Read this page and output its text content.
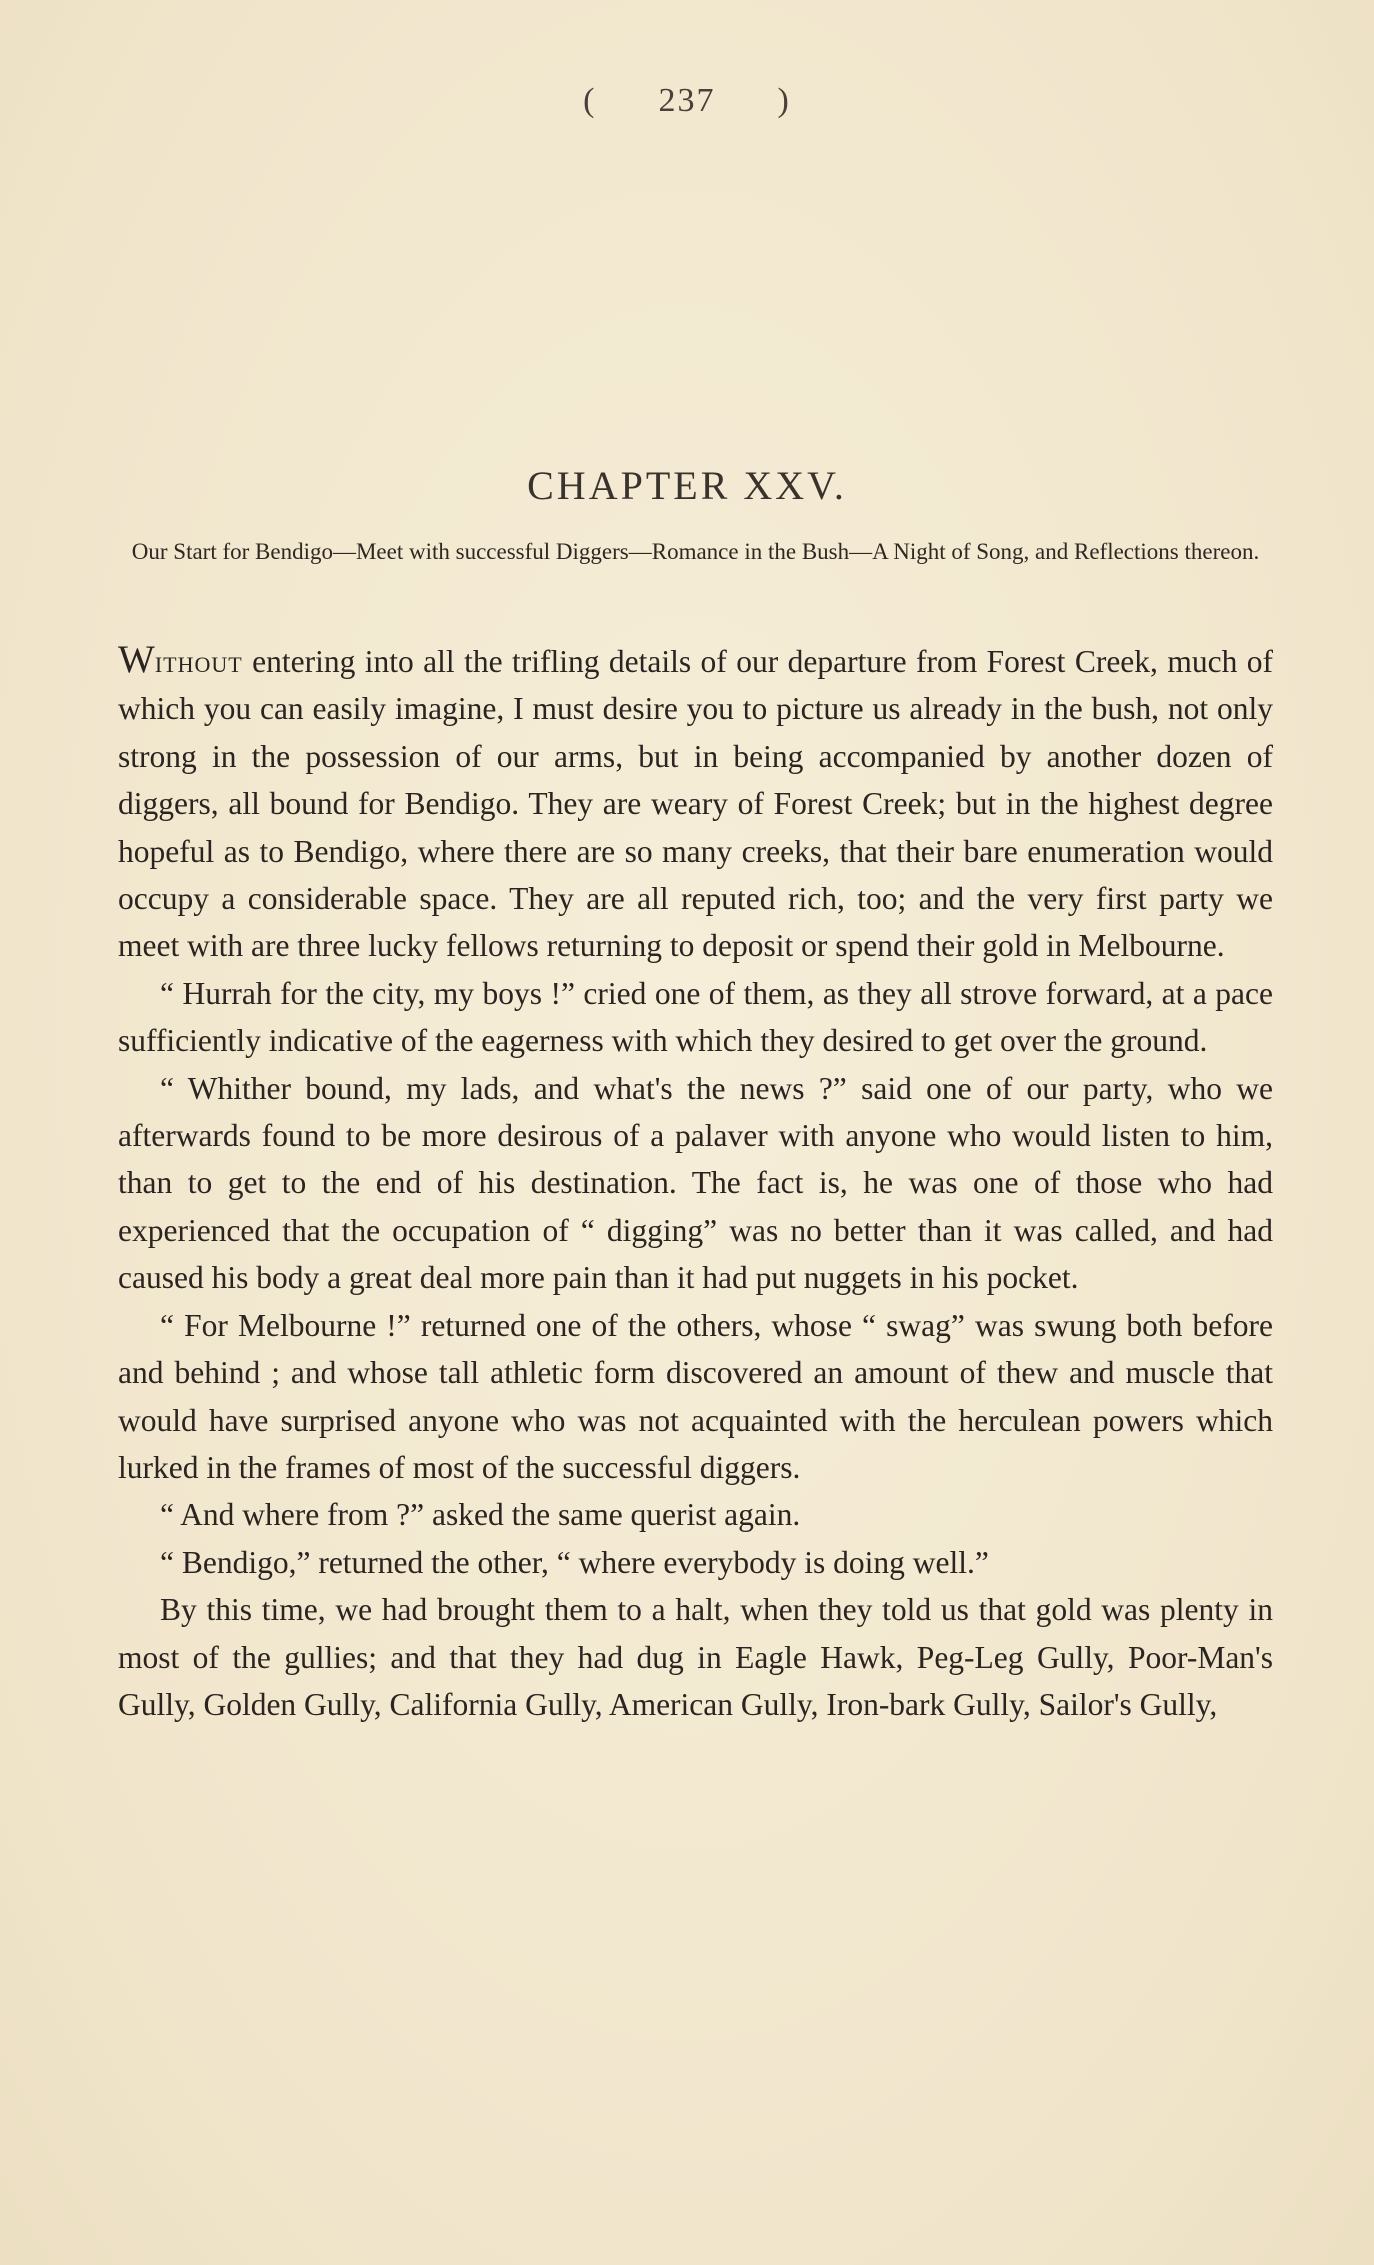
( 237 )
CHAPTER XXV.
Our Start for Bendigo—Meet with successful Diggers—Romance in the Bush—A Night of Song, and Reflections thereon.

Without entering into all the trifling details of our departure from Forest Creek, much of which you can easily imagine, I must desire you to picture us already in the bush, not only strong in the possession of our arms, but in being accompanied by another dozen of diggers, all bound for Bendigo. They are weary of Forest Creek; but in the highest degree hopeful as to Bendigo, where there are so many creeks, that their bare enumeration would occupy a considerable space. They are all reputed rich, too; and the very first party we meet with are three lucky fellows returning to deposit or spend their gold in Melbourne.

“ Hurrah for the city, my boys !” cried one of them, as they all strove forward, at a pace sufficiently indicative of the eagerness with which they desired to get over the ground.

“ Whither bound, my lads, and what's the news ?” said one of our party, who we afterwards found to be more desirous of a palaver with anyone who would listen to him, than to get to the end of his destination. The fact is, he was one of those who had experienced that the occupation of “ digging” was no better than it was called, and had caused his body a great deal more pain than it had put nuggets in his pocket.

“ For Melbourne !” returned one of the others, whose “ swag” was swung both before and behind ; and whose tall athletic form discovered an amount of thew and muscle that would have surprised anyone who was not acquainted with the herculean powers which lurked in the frames of most of the successful diggers.

“ And where from ?” asked the same querist again.

“ Bendigo,” returned the other, “ where everybody is doing well.”

By this time, we had brought them to a halt, when they told us that gold was plenty in most of the gullies; and that they had dug in Eagle Hawk, Peg-Leg Gully, Poor-Man's Gully, Golden Gully, California Gully, American Gully, Iron-bark Gully, Sailor's Gully,
